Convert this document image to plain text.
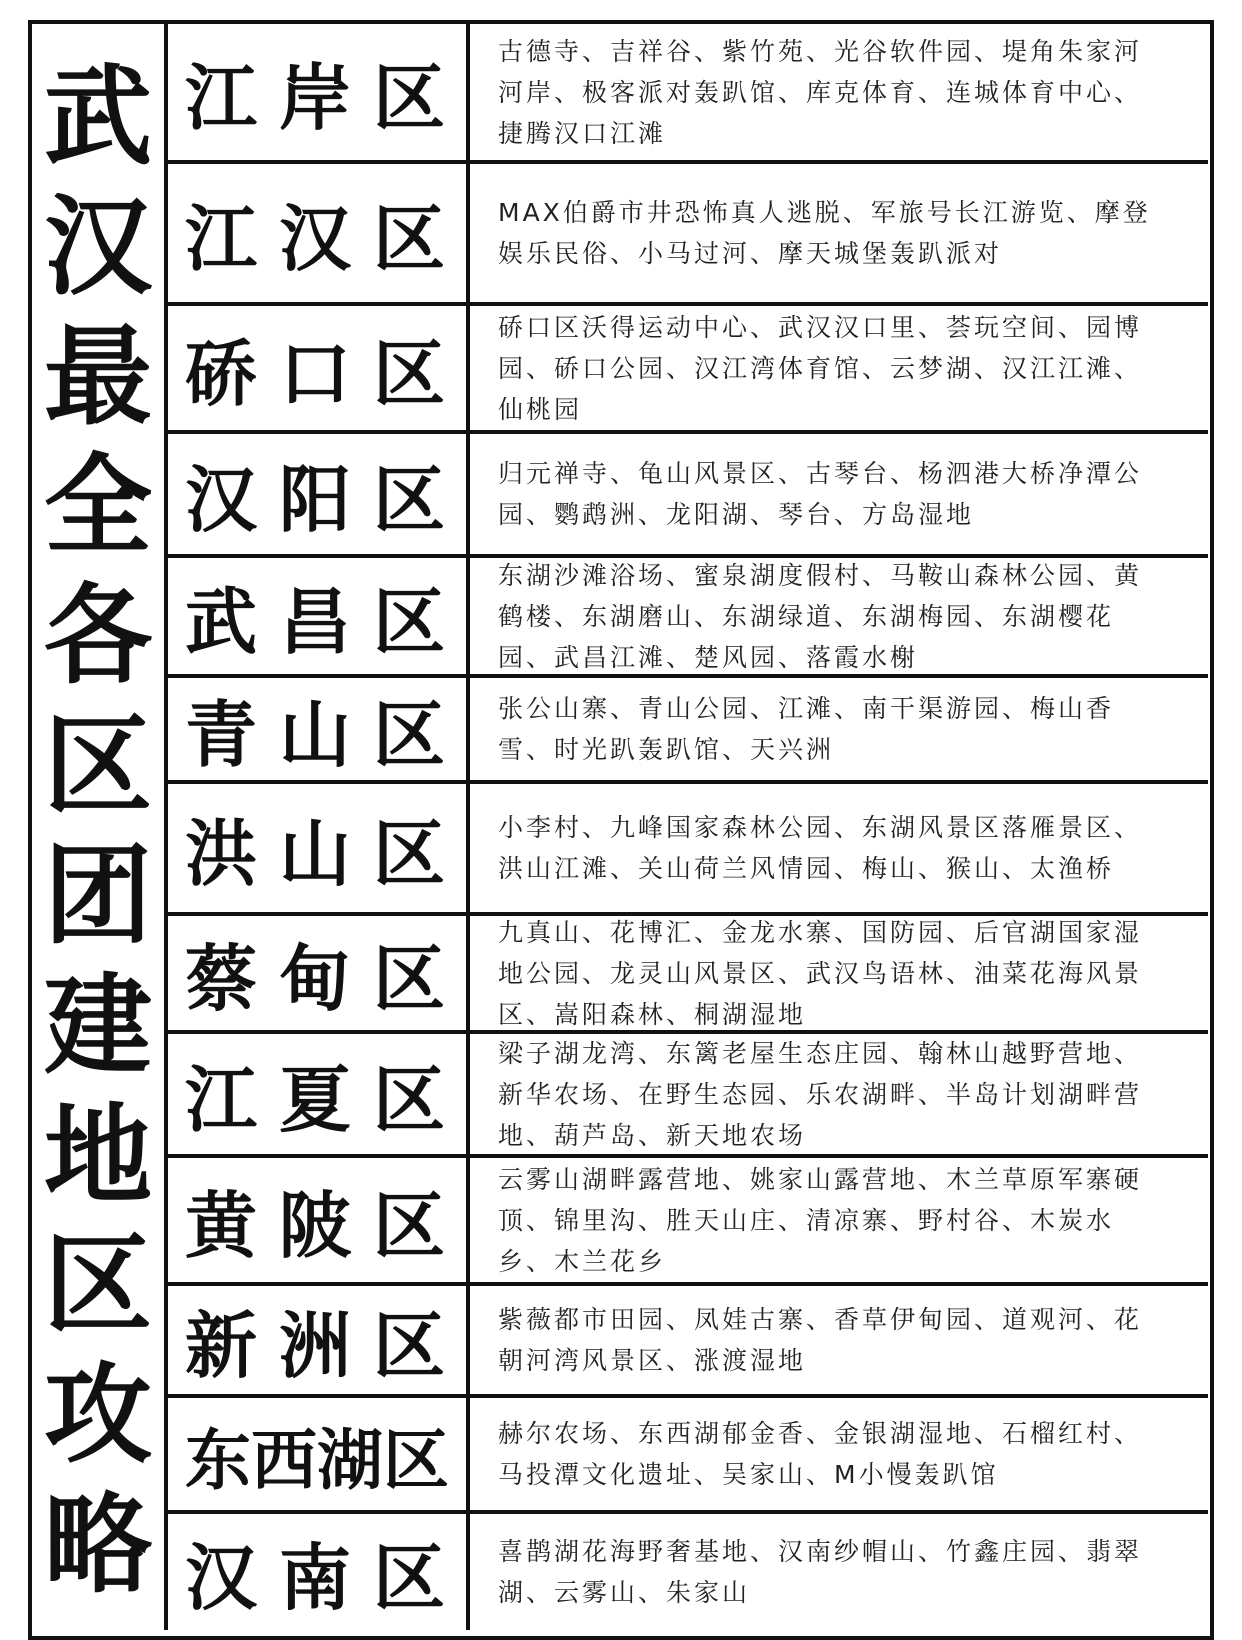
武
汉
最
全
各
区
团
建
地
区
攻
略
江岸区
古德寺、吉祥谷、紫竹苑、光谷软件园、堤角朱家河河岸、极客派对轰趴馆、库克体育、连城体育中心、捷腾汉口江滩
江汉区 MAX伯爵市井恐怖真人逃脱、军旅号长江游览、摩登娱乐民俗、小马过河、摩天城堡轰趴派对
硚口区
硚口区沃得运动中心、武汉汉口里、荟玩空间、园博园、硚口公园、汉江湾体育馆、云梦湖、汉江江滩、仙桃园
汉阳区 归元禅寺、龟山风景区、古琴台、杨泗港大桥净潭公园、鹦鹉洲、龙阳湖、琴台、方岛湿地
武昌区
东湖沙滩浴场、蜜泉湖度假村、马鞍山森林公园、黄鹤楼、东湖磨山、东湖绿道、东湖梅园、东湖樱花园、武昌江滩、楚风园、落霞水榭
青山区 张公山寨、青山公园、江滩、南干渠游园、梅山香雪、时光趴轰趴馆、天兴洲
洪山区 小李村、九峰国家森林公园、东湖风景区落雁景区、洪山江滩、关山荷兰风情园、梅山、猴山、太渔桥
蔡甸区
九真山、花博汇、金龙水寨、国防园、后官湖国家湿地公园、龙灵山风景区、武汉鸟语林、油菜花海风景区、嵩阳森林、桐湖湿地
江夏区
梁子湖龙湾、东篱老屋生态庄园、翰林山越野营地、新华农场、在野生态园、乐农湖畔、半岛计划湖畔营地、葫芦岛、新天地农场
黄陂区
云雾山湖畔露营地、姚家山露营地、木兰草原军寨硬顶、锦里沟、胜天山庄、清凉寨、野村谷、木炭水乡、木兰花乡
新洲区 紫薇都市田园、凤娃古寨、香草伊甸园、道观河、花朝河湾风景区、涨渡湿地
东西湖区 赫尔农场、东西湖郁金香、金银湖湿地、石榴红村、马投潭文化遗址、吴家山、M小慢轰趴馆
汉南区 喜鹊湖花海野奢基地、汉南纱帽山、竹鑫庄园、翡翠湖、云雾山、朱家山
